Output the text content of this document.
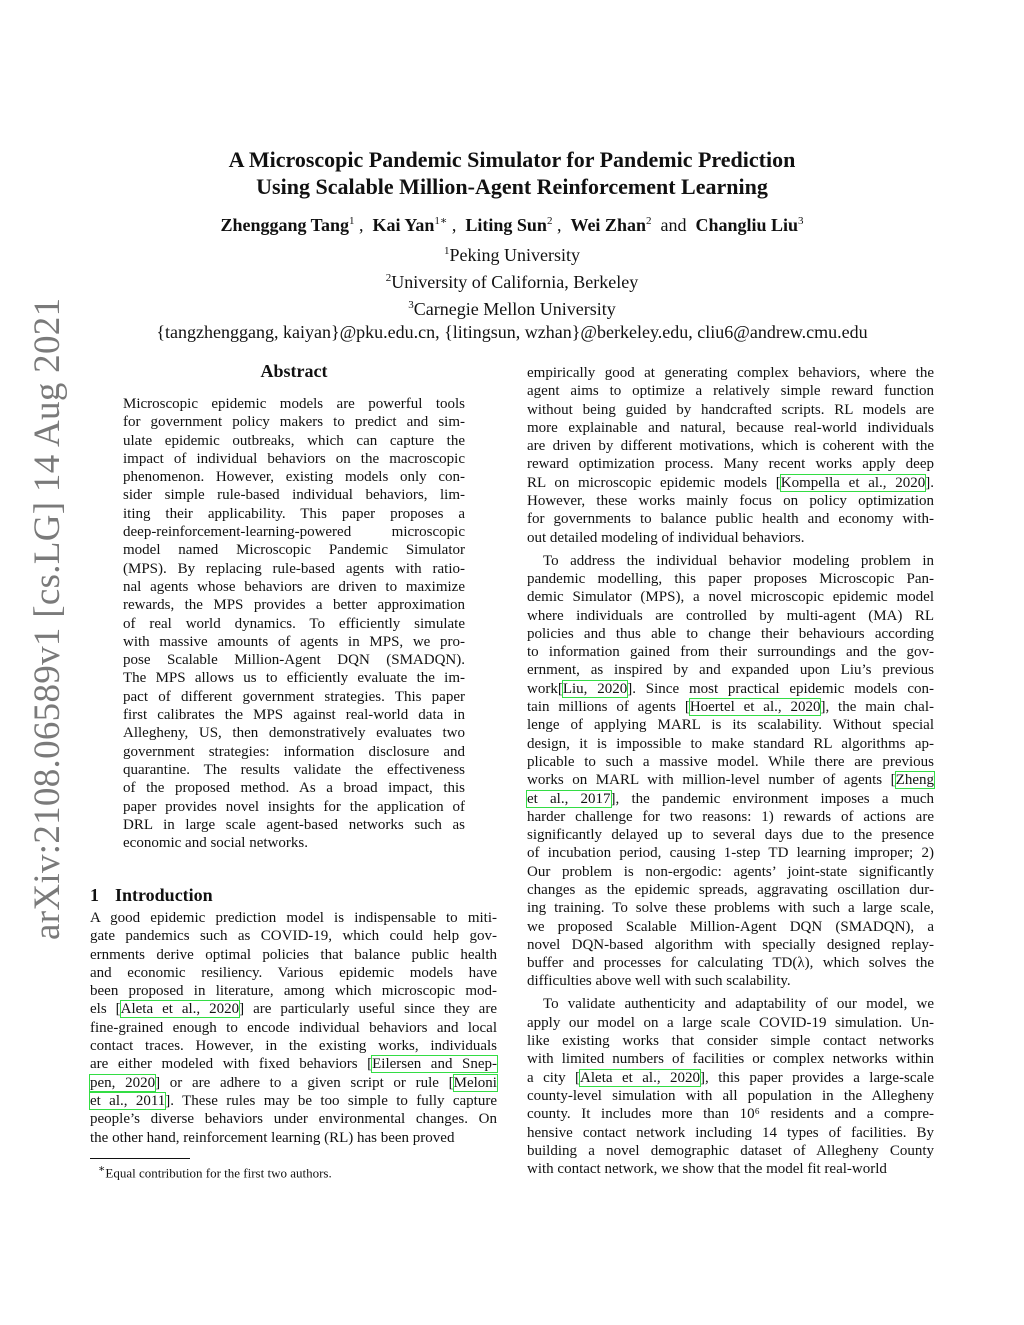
arXiv:2108.06589v1 [cs.LG] 14 Aug 2021
A Microscopic Pandemic Simulator for Pandemic Prediction
Using Scalable Million-Agent Reinforcement Learning
Zhenggang Tang$^1$ ,  Kai Yan$^{1∗}$ ,  Liting Sun$^2$ ,  Wei Zhan$^2$ and Changliu Liu$^3$
$^1$Peking University
$^2$University of California, Berkeley
$^3$Carnegie Mellon University
{tangzhenggang, kaiyan}@pku.edu.cn, {litingsun, wzhan}@berkeley.edu, cliu6@andrew.cmu.edu
Abstract
Microscopic epidemic models are powerful tools
for government policy makers to predict and sim-
ulate epidemic outbreaks, which can capture the
impact of individual behaviors on the macroscopic
phenomenon. However, existing models only con-
sider simple rule-based individual behaviors, lim-
iting their applicability. This paper proposes a
deep-reinforcement-learning-powered microscopic
model named Microscopic Pandemic Simulator
(MPS). By replacing rule-based agents with ratio-
nal agents whose behaviors are driven to maximize
rewards, the MPS provides a better approximation
of real world dynamics. To efficiently simulate
with massive amounts of agents in MPS, we pro-
pose Scalable Million-Agent DQN (SMADQN).
The MPS allows us to efficiently evaluate the im-
pact of different government strategies. This paper
first calibrates the MPS against real-world data in
Allegheny, US, then demonstratively evaluates two
government strategies: information disclosure and
quarantine. The results validate the effectiveness
of the proposed method. As a broad impact, this
paper provides novel insights for the application of
DRL in large scale agent-based networks such as
economic and social networks.
1 Introduction
A good epidemic prediction model is indispensable to miti-
gate pandemics such as COVID-19, which could help gov-
ernments derive optimal policies that balance public health
and economic resiliency. Various epidemic models have
been proposed in literature, among which microscopic mod-
els [Aleta et al., 2020] are particularly useful since they are
fine-grained enough to encode individual behaviors and local
contact traces. However, in the existing works, individuals
are either modeled with fixed behaviors [Eilersen and Snep-
pen, 2020] or are adhere to a given script or rule [Meloni
et al., 2011]. These rules may be too simple to fully capture
people’s diverse behaviors under environmental changes. On
the other hand, reinforcement learning (RL) has been proved
empirically good at generating complex behaviors, where the
agent aims to optimize a relatively simple reward function
without being guided by handcrafted scripts. RL models are
more explainable and natural, because real-world individuals
are driven by different motivations, which is coherent with the
reward optimization process. Many recent works apply deep
RL on microscopic epidemic models [Kompella et al., 2020].
However, these works mainly focus on policy optimization
for governments to balance public health and economy with-
out detailed modeling of individual behaviors.
To address the individual behavior modeling problem in
pandemic modelling, this paper proposes Microscopic Pan-
demic Simulator (MPS), a novel microscopic epidemic model
where individuals are controlled by multi-agent (MA) RL
policies and thus able to change their behaviours according
to information gained from their surroundings and the gov-
ernment, as inspired by and expanded upon Liu’s previous
work[Liu, 2020]. Since most practical epidemic models con-
tain millions of agents [Hoertel et al., 2020], the main chal-
lenge of applying MARL is its scalability. Without special
design, it is impossible to make standard RL algorithms ap-
plicable to such a massive model. While there are previous
works on MARL with million-level number of agents [Zheng
et al., 2017], the pandemic environment imposes a much
harder challenge for two reasons: 1) rewards of actions are
significantly delayed up to several days due to the presence
of incubation period, causing 1-step TD learning improper; 2)
Our problem is non-ergodic: agents’ joint-state significantly
changes as the epidemic spreads, aggravating oscillation dur-
ing training. To solve these problems with such a large scale,
we proposed Scalable Million-Agent DQN (SMADQN), a
novel DQN-based algorithm with specially designed replay-
buffer and processes for calculating TD(λ), which solves the
difficulties above well with such scalability.
To validate authenticity and adaptability of our model, we
apply our model on a large scale COVID-19 simulation. Un-
like existing works that consider simple contact networks
with limited numbers of facilities or complex networks within
a city [Aleta et al., 2020], this paper provides a large-scale
county-level simulation with all population in the Allegheny
county. It includes more than 10⁶ residents and a compre-
hensive contact network including 14 types of facilities. By
building a novel demographic dataset of Allegheny County
with contact network, we show that the model fit real-world
∗Equal contribution for the first two authors.
